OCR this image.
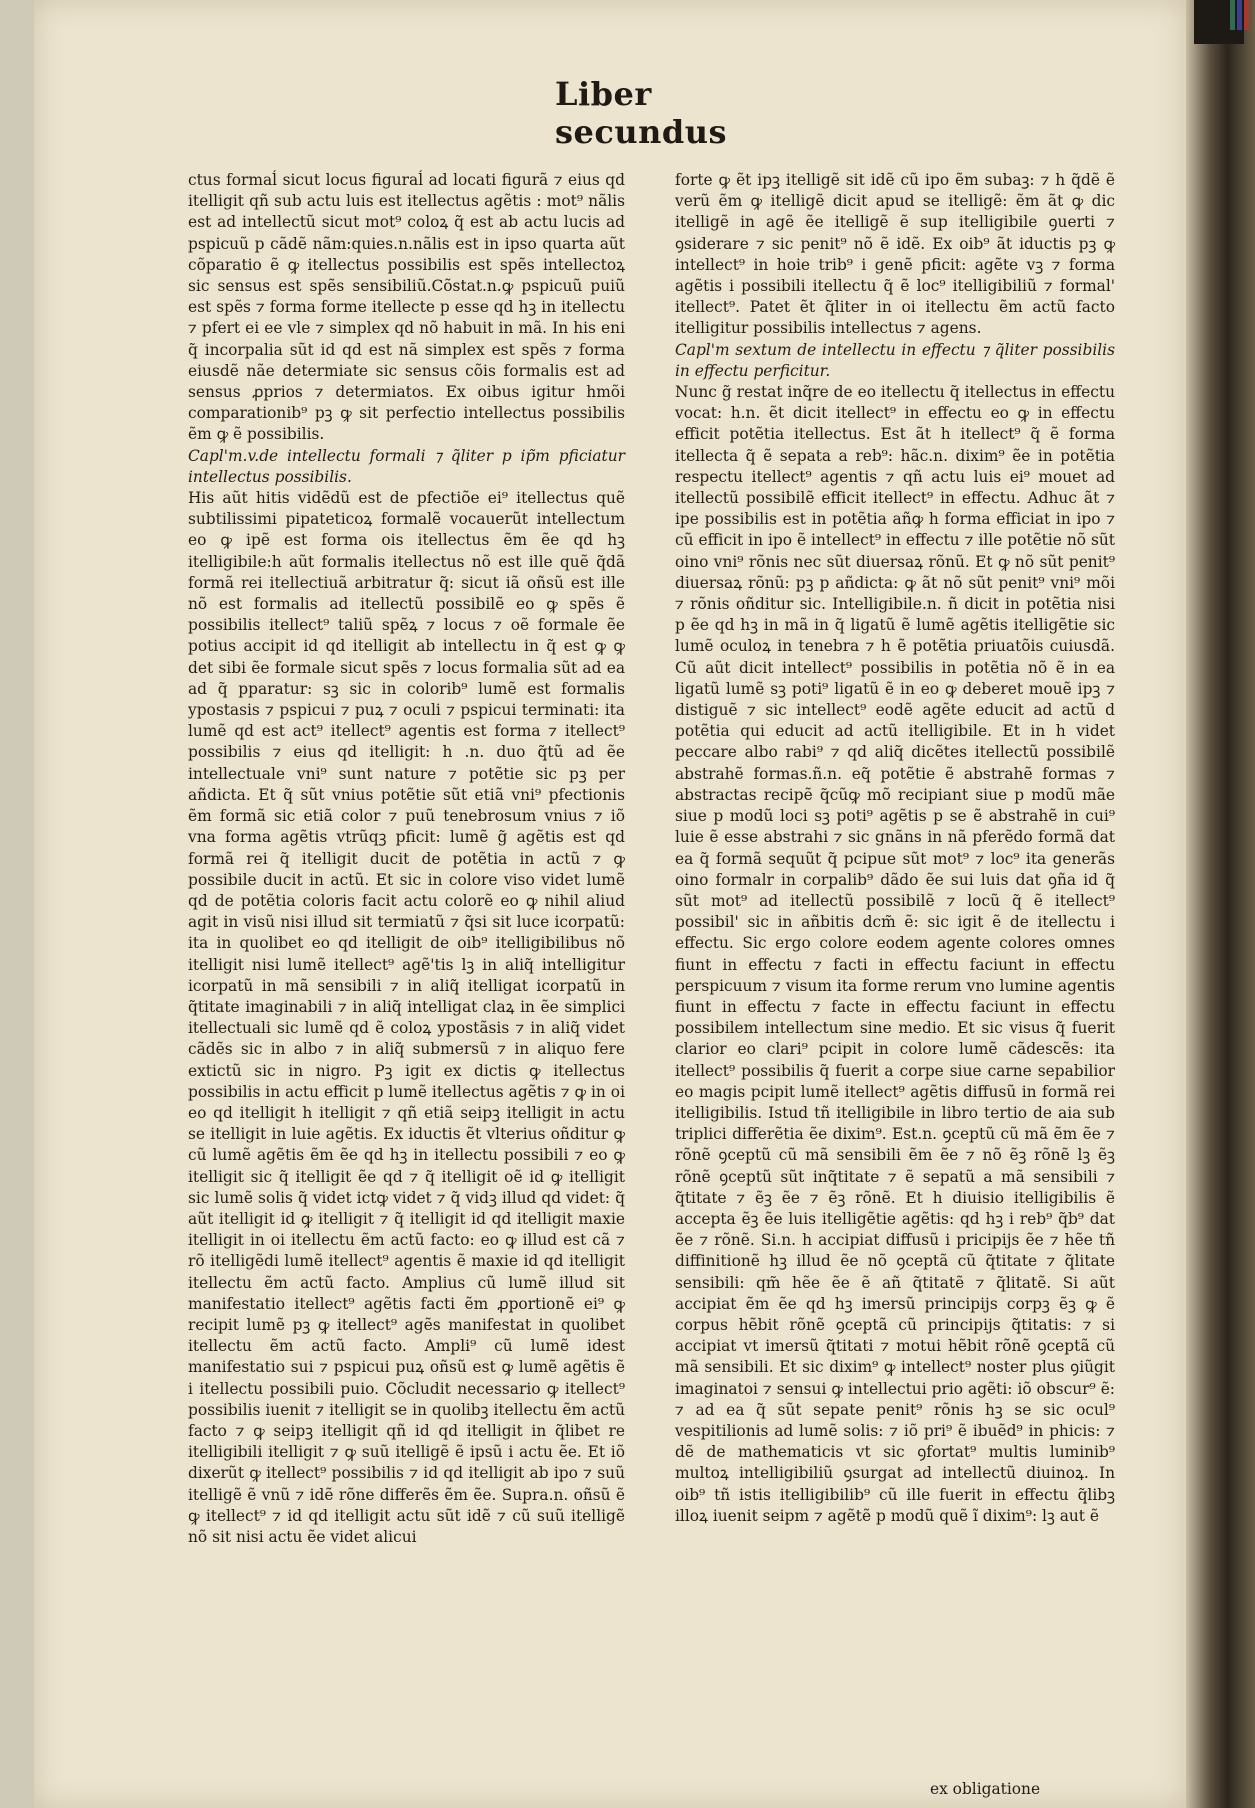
Liber secundus

ctus formaĺ sicut locus figuraĺ ad locati figurã ⁊ eius qd itelligit qñ sub actu luis est itellectus agẽtis : mot⁹ nãlis est ad intellectũ sicut mot⁹ coloꝝ q̃ est ab actu lucis ad pspicuũ p cãdẽ nãm:quies.n.nãlis est in ipso quarta aũt cõparatio ẽ ꝙ itellectus possibilis est spẽs intellectoꝝ sic sensus est spẽs sensibiliũ.Cõstat.n.ꝙ pspicuũ puiũ est spẽs ⁊ forma forme itellecte p esse qd hꝫ in itellectu ⁊ pfert ei ee vle ⁊ simplex qd nõ habuit in mã. In his eni q̃ incorpalia sũt id qd est nã simplex est spẽs ⁊ forma eiusdẽ nãe determiate sic sensus cõis formalis est ad sensus ꝓprios ⁊ determiatos. Ex oibus igitur hmõi comparationib⁹ pꝫ ꝙ sit perfectio intellectus possibilis ẽm ꝙ ẽ possibilis.

Capl'm.v.de intellectu formali ⁊ q̃liter p ip̃m pficiatur intellectus possibilis.

His aũt hitis vidẽdũ est de pfectiõe ei⁹ itellectus quẽ subtilissimi pipateticoꝝ formalẽ vocauerũt intellectum eo ꝙ ipẽ est forma ois itellectus ẽm ẽe qd hꝫ itelligibile:h aũt formalis itellectus nõ est ille quẽ q̃dã formã rei itellectiuã arbitratur q̃: sicut iã oñsũ est ille nõ est formalis ad itellectũ possibilẽ eo ꝙ spẽs ẽ possibilis itellect⁹ taliũ spẽꝝ ⁊ locus ⁊ oẽ formale ẽe potius accipit id qd itelligit ab intellectu in q̃ est ꝙ ꝙ det sibi ẽe formale sicut spẽs ⁊ locus formalia sũt ad ea ad q̃ pparatur: sꝫ sic in colorib⁹ lumẽ est formalis ypostasis ⁊ pspicui ⁊ puꝝ ⁊ oculi ⁊ pspicui terminati: ita lumẽ qd est act⁹ itellect⁹ agentis est forma ⁊ itellect⁹ possibilis ⁊ eius qd itelligit: h .n. duo q̃tũ ad ẽe intellectuale vni⁹ sunt nature ⁊ potẽtie sic pꝫ per añdicta. Et q̃ sũt vnius potẽtie sũt etiã vni⁹ pfectionis ẽm formã sic etiã color ⁊ puũ tenebrosum vnius ⁊ iõ vna forma agẽtis vtrũqꝫ pficit: lumẽ g̃ agẽtis est qd formã rei q̃ itelligit ducit de potẽtia in actũ ⁊ ꝙ possibile ducit in actũ. Et sic in colore viso videt lumẽ qd de potẽtia coloris facit actu colorẽ eo ꝙ nihil aliud agit in visũ nisi illud sit termiatũ ⁊ q̃si sit luce icorpatũ: ita in quolibet eo qd itelligit de oib⁹ itelligibilibus nõ itelligit nisi lumẽ itellect⁹ agẽ'tis lꝫ in aliq̃ intelligitur icorpatũ in mã sensibili ⁊ in aliq̃ itelligat icorpatũ in q̃titate imaginabili ⁊ in aliq̃ intelligat claꝝ in ẽe simplici itellectuali sic lumẽ qd ẽ coloꝝ ypostãsis ⁊ in aliq̃ videt cãdẽs sic in albo ⁊ in aliq̃ submersũ ⁊ in aliquo fere extictũ sic in nigro. Pꝫ igit ex dictis ꝙ itellectus possibilis in actu efficit p lumẽ itellectus agẽtis ⁊ ꝙ in oi eo qd itelligit h itelligit ⁊ qñ etiã seipꝫ itelligit in actu se itelligit in luie agẽtis. Ex iductis ẽt vlterius oñditur ꝙ cũ lumẽ agẽtis ẽm ẽe qd hꝫ in itellectu possibili ⁊ eo ꝙ itelligit sic q̃ itelligit ẽe qd ⁊ q̃ itelligit oẽ id ꝙ itelligit sic lumẽ solis q̃ videt ictꝙ videt ⁊ q̃ vidꝫ illud qd videt: q̃ aũt itelligit id ꝙ itelligit ⁊ q̃ itelligit id qd itelligit maxie itelligit in oi itellectu ẽm actũ facto: eo ꝙ illud est cã ⁊ rõ itelligẽdi lumẽ itellect⁹ agentis ẽ maxie id qd itelligit itellectu ẽm actũ facto. Amplius cũ lumẽ illud sit manifestatio itellect⁹ agẽtis facti ẽm ꝓportionẽ ei⁹ ꝙ recipit lumẽ pꝫ ꝙ itellect⁹ agẽs manifestat in quolibet itellectu ẽm actũ facto. Ampli⁹ cũ lumẽ idest manifestatio sui ⁊ pspicui puꝝ oñsũ est ꝙ lumẽ agẽtis ẽ i itellectu possibili puio. Cõcludit necessario ꝙ itellect⁹ possibilis iuenit ⁊ itelligit se in quolibꝫ itellectu ẽm actũ facto ⁊ ꝙ seipꝫ itelligit qñ id qd itelligit in q̃libet re itelligibili itelligit ⁊ ꝙ suũ itelligẽ ẽ ipsũ i actu ẽe. Et iõ dixerũt ꝙ itellect⁹ possibilis ⁊ id qd itelligit ab ipo ⁊ suũ itelligẽ ẽ vnũ ⁊ idẽ rõne differẽs ẽm ẽe. Supra.n. oñsũ ẽ ꝙ itellect⁹ ⁊ id qd itelligit actu sũt idẽ ⁊ cũ suũ itelligẽ nõ sit nisi actu ẽe videt alicui

forte ꝙ ẽt ipꝫ itelligẽ sit idẽ cũ ipo ẽm subaꝫ: ⁊ h q̃dẽ ẽ verũ ẽm ꝙ itelligẽ dicit apud se itelligẽ: ẽm ãt ꝙ dic itelligẽ in agẽ ẽe itelligẽ ẽ sup itelligibile ꝯuerti ⁊ ꝯsiderare ⁊ sic penit⁹ nõ ẽ idẽ. Ex oib⁹ ãt iductis pꝫ ꝙ intellect⁹ in hoie trib⁹ i genẽ pficit: agẽte vꝫ ⁊ forma agẽtis i possibili itellectu q̃ ẽ loc⁹ itelligibiliũ ⁊ formal' itellect⁹. Patet ẽt q̃liter in oi itellectu ẽm actũ facto itelligitur possibilis intellectus ⁊ agens.

Capl'm sextum de intellectu in effectu ⁊ q̃liter possibilis in effectu perficitur.

Nunc g̃ restat inq̃re de eo itellectu q̃ itellectus in effectu vocat: h.n. ẽt dicit itellect⁹ in effectu eo ꝙ in effectu efficit potẽtia itellectus. Est ãt h itellect⁹ q̃ ẽ forma itellecta q̃ ẽ sepata a reb⁹: hãc.n. dixim⁹ ẽe in potẽtia respectu itellect⁹ agentis ⁊ qñ actu luis ei⁹ mouet ad itellectũ possibilẽ efficit itellect⁹ in effectu. Adhuc ãt ⁊ ipe possibilis est in potẽtia añꝙ h forma efficiat in ipo ⁊ cũ efficit in ipo ẽ intellect⁹ in effectu ⁊ ille potẽtie nõ sũt oino vni⁹ rõnis nec sũt diuersaꝝ rõnũ. Et ꝙ nõ sũt penit⁹ diuersaꝝ rõnũ: pꝫ p añdicta: ꝙ ãt nõ sũt penit⁹ vni⁹ mõi ⁊ rõnis oñditur sic. Intelligibile.n. ñ dicit in potẽtia nisi p ẽe qd hꝫ in mã in q̃ ligatũ ẽ lumẽ agẽtis itelligẽtie sic lumẽ oculoꝝ in tenebra ⁊ h ẽ potẽtia priuatõis cuiusdã. Cũ aũt dicit intellect⁹ possibilis in potẽtia nõ ẽ in ea ligatũ lumẽ sꝫ poti⁹ ligatũ ẽ in eo ꝙ deberet mouẽ ipꝫ ⁊ distiguẽ ⁊ sic intellect⁹ eodẽ agẽte educit ad actũ d potẽtia qui educit ad actũ itelligibile. Et in h videt peccare albo rabi⁹ ⁊ qd aliq̃ dicẽtes itellectũ possibilẽ abstrahẽ formas.ñ.n. eq̃ potẽtie ẽ abstrahẽ formas ⁊ abstractas recipẽ q̃cũꝙ mõ recipiant siue p modũ mãe siue p modũ loci sꝫ poti⁹ agẽtis p se ẽ abstrahẽ in cui⁹ luie ẽ esse abstrahi ⁊ sic gnãns in nã pferẽdo formã dat ea q̃ formã sequũt q̃ pcipue sũt mot⁹ ⁊ loc⁹ ita generãs oino formalr in corpalib⁹ dãdo ẽe sui luis dat ꝯña id q̃ sũt mot⁹ ad itellectũ possibilẽ ⁊ locũ q̃ ẽ itellect⁹ possibil' sic in añbitis dcm̃ ẽ: sic igit ẽ de itellectu i effectu. Sic ergo colore eodem agente colores omnes fiunt in effectu ⁊ facti in effectu faciunt in effectu perspicuum ⁊ visum ita forme rerum vno lumine agentis fiunt in effectu ⁊ facte in effectu faciunt in effectu possibilem intellectum sine medio. Et sic visus q̃ fuerit clarior eo clari⁹ pcipit in colore lumẽ cãdescẽs: ita itellect⁹ possibilis q̃ fuerit a corpe siue carne sepabilior eo magis pcipit lumẽ itellect⁹ agẽtis diffusũ in formã rei itelligibilis. Istud tñ itelligibile in libro tertio de aia sub triplici differẽtia ẽe dixim⁹. Est.n. ꝯceptũ cũ mã ẽm ẽe ⁊ rõnẽ ꝯceptũ cũ mã sensibili ẽm ẽe ⁊ nõ ẽꝫ rõnẽ lꝫ ẽꝫ rõnẽ ꝯceptũ sũt inq̃titate ⁊ ẽ sepatũ a mã sensibili ⁊ q̃titate ⁊ ẽꝫ ẽe ⁊ ẽꝫ rõnẽ. Et h diuisio itelligibilis ẽ accepta ẽꝫ ẽe luis itelligẽtie agẽtis: qd hꝫ i reb⁹ q̃b⁹ dat ẽe ⁊ rõnẽ. Si.n. h accipiat diffusũ i pricipijs ẽe ⁊ hẽe tñ diffinitionẽ hꝫ illud ẽe nõ ꝯceptã cũ q̃titate ⁊ q̃litate sensibili: qm̃ hẽe ẽe ẽ añ q̃titatẽ ⁊ q̃litatẽ. Si aũt accipiat ẽm ẽe qd hꝫ imersũ principijs corpꝫ ẽꝫ ꝙ ẽ corpus hẽbit rõnẽ ꝯceptã cũ principijs q̃titatis: ⁊ si accipiat vt imersũ q̃titati ⁊ motui hẽbit rõnẽ ꝯceptã cũ mã sensibili. Et sic dixim⁹ ꝙ intellect⁹ noster plus ꝯiũgit imaginatoi ⁊ sensui ꝙ intellectui prio agẽti: iõ obscur⁹ ẽ: ⁊ ad ea q̃ sũt sepate penit⁹ rõnis hꝫ se sic ocul⁹ vespitilionis ad lumẽ solis: ⁊ iõ pri⁹ ẽ ibuẽd⁹ in phicis: ⁊ dẽ de mathematicis vt sic ꝯfortat⁹ multis luminib⁹ multoꝝ intelligibiliũ ꝯsurgat ad intellectũ diuinoꝝ. In oib⁹ tñ istis itelligibilib⁹ cũ ille fuerit in effectu q̃libꝫ illoꝝ iuenit seipm ⁊ agẽtẽ p modũ quẽ ĩ dixim⁹: lꝫ aut ẽ

ex obligatione
